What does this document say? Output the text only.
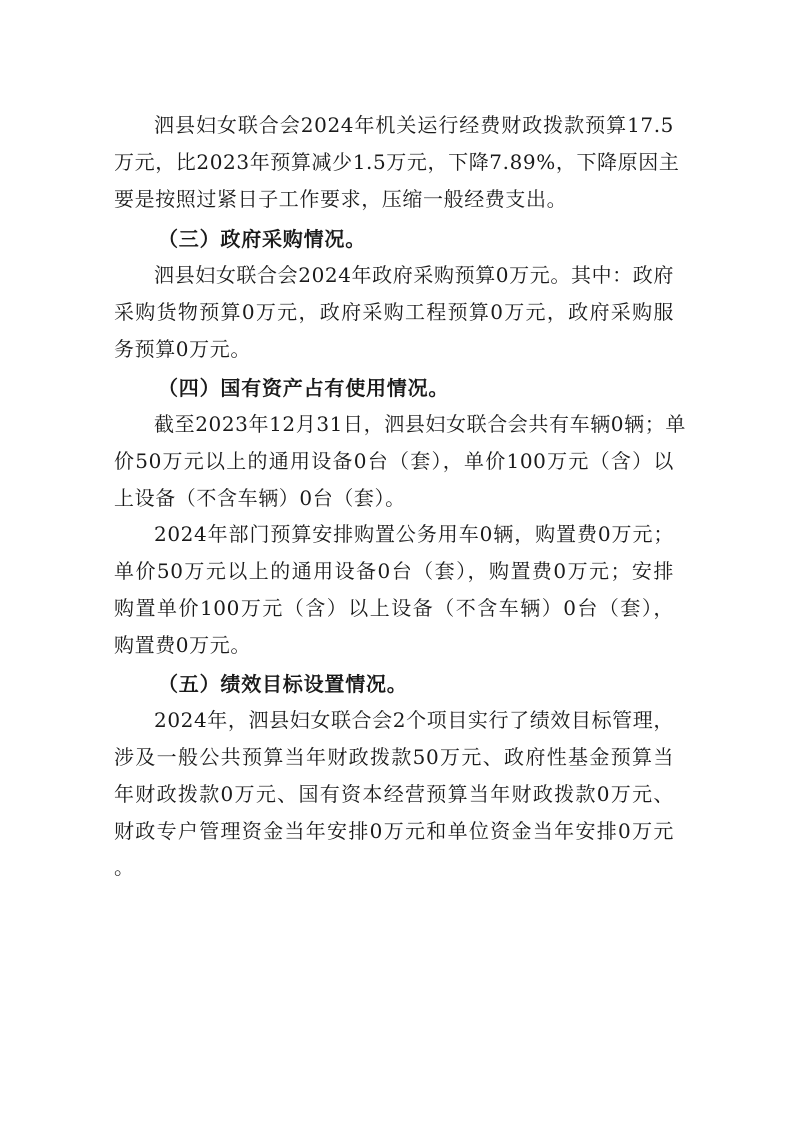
泗县妇女联合会2024年机关运行经费财政拨款预算17.5
万元，比2023年预算减少1.5万元，下降7.89%，下降原因主
要是按照过紧日子工作要求，压缩一般经费支出。
（三）政府采购情况。
泗县妇女联合会2024年政府采购预算0万元。其中：政府
采购货物预算0万元，政府采购工程预算0万元，政府采购服
务预算0万元。
（四）国有资产占有使用情况。
截至2023年12月31日，泗县妇女联合会共有车辆0辆；单
价50万元以上的通用设备0台（套），单价100万元（含）以
上设备（不含车辆）0台（套）。
2024年部门预算安排购置公务用车0辆，购置费0万元；
单价50万元以上的通用设备0台（套），购置费0万元；安排
购置单价100万元（含）以上设备（不含车辆）0台（套），
购置费0万元。
（五）绩效目标设置情况。
2024年，泗县妇女联合会2个项目实行了绩效目标管理，
涉及一般公共预算当年财政拨款50万元、政府性基金预算当
年财政拨款0万元、国有资本经营预算当年财政拨款0万元、
财政专户管理资金当年安排0万元和单位资金当年安排0万元
。
